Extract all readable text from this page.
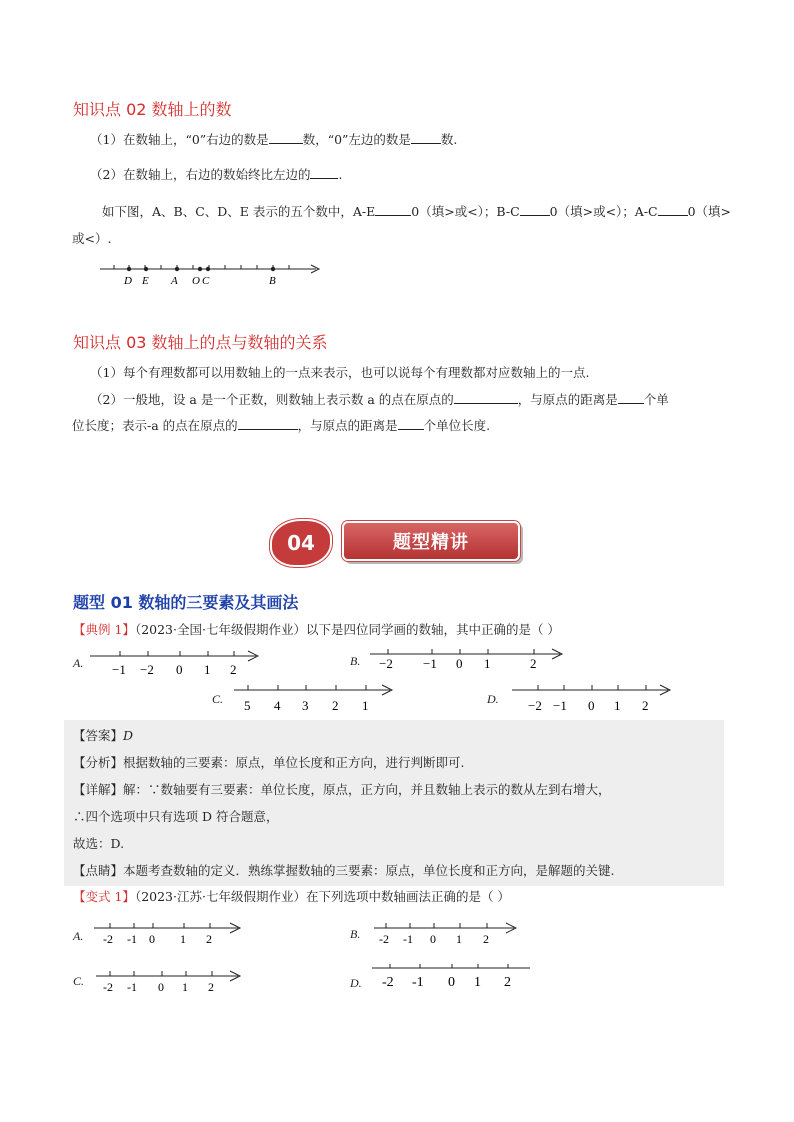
知识点 02 数轴上的数
（1）在数轴上，“0”右边的数是	数，“0”左边的数是 数.
（2）在数轴上，右边的数始终比左边的 .
如下图，A、B、C、D、E 表示的五个数中，A-E	0（填>或<）；B-C 0（填>或<）；A-C 0（填>
或<）.
D E A O C	B
知识点 03 数轴上的点与数轴的关系
（1）每个有理数都可以用数轴上的一点来表示，也可以说每个有理数都对应数轴上的一点.
（2）一般地，设 a 是一个正数，则数轴上表示数 a 的点在原点的	，与原点的距离是 个单
位长度；表示-a 的点在原点的	，与原点的距离是 个单位长度.
题型精讲
04
题型 01 数轴的三要素及其画法
【典例 1】（2023·全国·七年级假期作业）以下是四位同学画的数轴，其中正确的是（ ）
A. −1 −2 0 1 2
B. −2 −1 0 1	2
C. 5 4 3 2 1	D. −2 −1 0 1 2
【答案】D
【分析】根据数轴的三要素：原点，单位长度和正方向，进行判断即可.
【详解】解：∵数轴要有三要素：单位长度，原点，正方向，并且数轴上表示的数从左到右增大，
∴四个选项中只有选项 D 符合题意，
故选：D.
【点睛】本题考查数轴的定义．熟练掌握数轴的三要素：原点，单位长度和正方向，是解题的关键.
【变式 1】（2023·江苏·七年级假期作业）在下列选项中数轴画法正确的是（ ）
A. -2 -1 0 1 2	B. -2 -1 0 1 2
C. -2 -1 0 1 2	D. -2 -1 0 1 2
